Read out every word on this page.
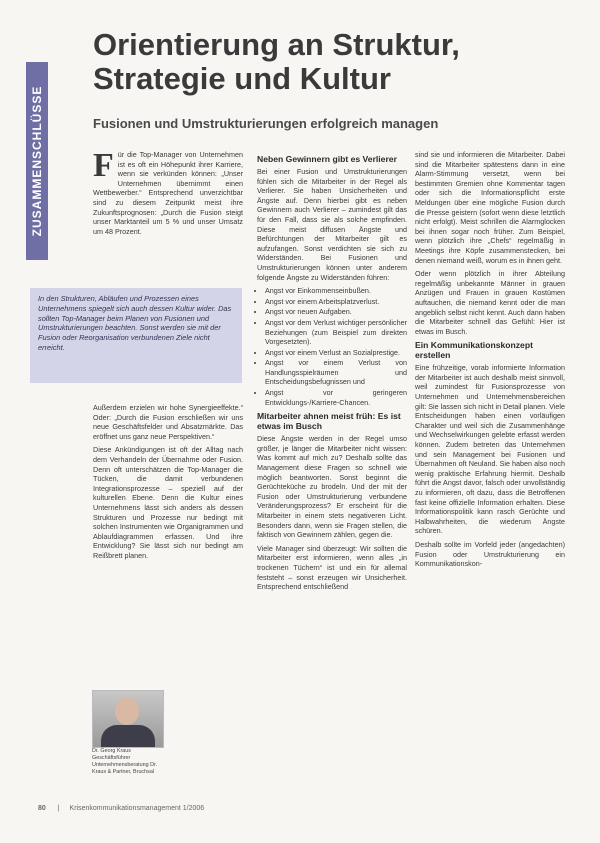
ZUSAMMENSCHLÜSSE
Orientierung an Struktur, Strategie und Kultur
Fusionen und Umstrukturierungen erfolgreich managen

Für die Top-Manager von Unternehmen ist es oft ein Höhepunkt ihrer Karriere, wenn sie verkünden können: „Unser Unternehmen übernimmt einen Wettbewerber.“ Entsprechend unverzichtbar sind zu diesem Zeitpunkt meist ihre Zukunftsprognosen: „Durch die Fusion steigt unser Marktanteil um 5 % und unser Umsatz um 48 Prozent.

In den Strukturen, Abläufen und Prozessen eines Unternehmens spiegelt sich auch dessen Kultur wider. Das sollten Top-Manager beim Planen von Fusionen und Umstrukturierungen beachten. Sonst werden sie mit der Fusion oder Reorganisation verbundenen Ziele nicht erreicht.

Außerdem erzielen wir hohe Synergieeffekte.“ Oder: „Durch die Fusion erschließen wir uns neue Geschäftsfelder und Absatzmärkte. Das eröffnet uns ganz neue Perspektiven.“

Diese Ankündigungen ist oft der Alltag nach dem Verhandeln der Übernahme oder Fusion. Denn oft unterschätzen die Top-Manager die Tücken, die damit verbundenen Integrationsprozesse – speziell auf der kulturellen Ebene. Denn die Kultur eines Unternehmens lässt sich anders als dessen Strukturen und Prozesse nur bedingt mit solchen Instrumenten wie Organigrammen und Ablaufdiagrammen erfassen. Und ihre Entwicklung? Sie lässt sich nur bedingt am Reißbrett planen.

Dr. Georg Kraus
Geschäftsführer
Unternehmensberatung Dr. Kraus & Partner, Bruchsal
Neben Gewinnern gibt es Verlierer

Bei einer Fusion und Umstrukturierungen fühlen sich die Mitarbeiter in der Regel als Verlierer. Sie haben Unsicherheiten und Ängste auf. Denn hierbei gibt es neben Gewinnern auch Verlierer – zumindest gilt das für den Fall, dass sie als solche empfinden. Diese meist diffusen Ängste und Befürchtungen der Mitarbeiter gilt es aufzufangen. Sonst verdichten sie sich zu Widerständen. Bei Fusionen und Umstrukturierungen können unter anderem folgende Ängste zu Widerständen führen:

• Angst vor Einkommenseinbußen.
• Angst vor einem Arbeitsplatzverlust.
• Angst vor neuen Aufgaben.
• Angst vor dem Verlust wichtiger persönlicher Beziehungen (zum Beispiel zum direkten Vorgesetzten).
• Angst vor einem Verlust an Sozialprestige.
• Angst vor einem Verlust von Handlungsspielräumen und Entscheidungsbefugnissen und
• Angst vor geringeren Entwicklungs-/Karriere-Chancen.
Mitarbeiter ahnen meist früh: Es ist etwas im Busch

Diese Ängste werden in der Regel umso größer, je länger die Mitarbeiter nicht wissen: Was kommt auf mich zu? Deshalb sollte das Management diese Fragen so schnell wie möglich beantworten. Sonst beginnt die Gerüchteküche zu brodeln. Und der mit der Fusion oder Umstrukturierung verbundene Veränderungsprozess? Er erscheint für die Mitarbeiter in einem stets negativeren Licht. Besonders dann, wenn sie Fragen stellen, die faktisch von Gewinnern zählen, gegen die.

Viele Manager sind überzeugt: Wir sollten die Mitarbeiter erst informieren, wenn alles „in trockenen Tüchern“ ist und ein für allemal feststeht – sonst erzeugen wir Unsicherheit. Entsprechend entschließend

sind sie und informieren die Mitarbeiter. Dabei sind die Mitarbeiter spätestens dann in eine Alarm-Stimmung versetzt, wenn bei bestimmten Gremien ohne Kommentar tagen oder sich die Informationspflicht erste Meldungen über eine mögliche Fusion durch die Presse geistern (sofort wenn diese letztlich nicht erfolgt). Meist schrillen die Alarmglocken bei ihnen sogar noch früher. Zum Beispiel, wenn plötzlich ihre „Chefs“ regelmäßig in Meetings ihre Köpfe zusammenstecken, bei denen niemand weiß, worum es in ihnen geht.

Oder wenn plötzlich in ihrer Abteilung regelmäßig unbekannte Männer in grauen Anzügen und Frauen in grauen Kostümen auftauchen, die niemand kennt oder die man angeblich selbst nicht kennt. Auch dann haben die Mitarbeiter schnell das Gefühl: Hier ist etwas im Busch.

Ein Kommunikationskonzept erstellen

Eine frühzeitige, vorab informierte Information der Mitarbeiter ist auch deshalb meist sinnvoll, weil zumindest für Fusionsprozesse von Unternehmen und Unternehmensbereichen gilt: Sie lassen sich nicht in Detail planen. Viele Entscheidungen haben einen vorläufigen Charakter und weil sich die Zusammenhänge und Wechselwirkungen gelebte erfasst werden können. Zudem betreten das Unternehmen und sein Management bei Fusionen und Übernahmen oft Neuland. Sie haben also noch wenig praktische Erfahrung hiermit. Deshalb führt die Angst davor, falsch oder unvollständig zu informieren, oft dazu, dass die Betroffenen fast keine offizielle Information erhalten. Diese Informationspolitik kann rasch Gerüchte und Halbwahrheiten, die wiederum Ängste schüren.

Deshalb sollte im Vorfeld jeder (angedachten) Fusion oder Umstrukturierung ein Kommunikationskon-

80 | Krisenkommunikationsmanagement 1/2006
